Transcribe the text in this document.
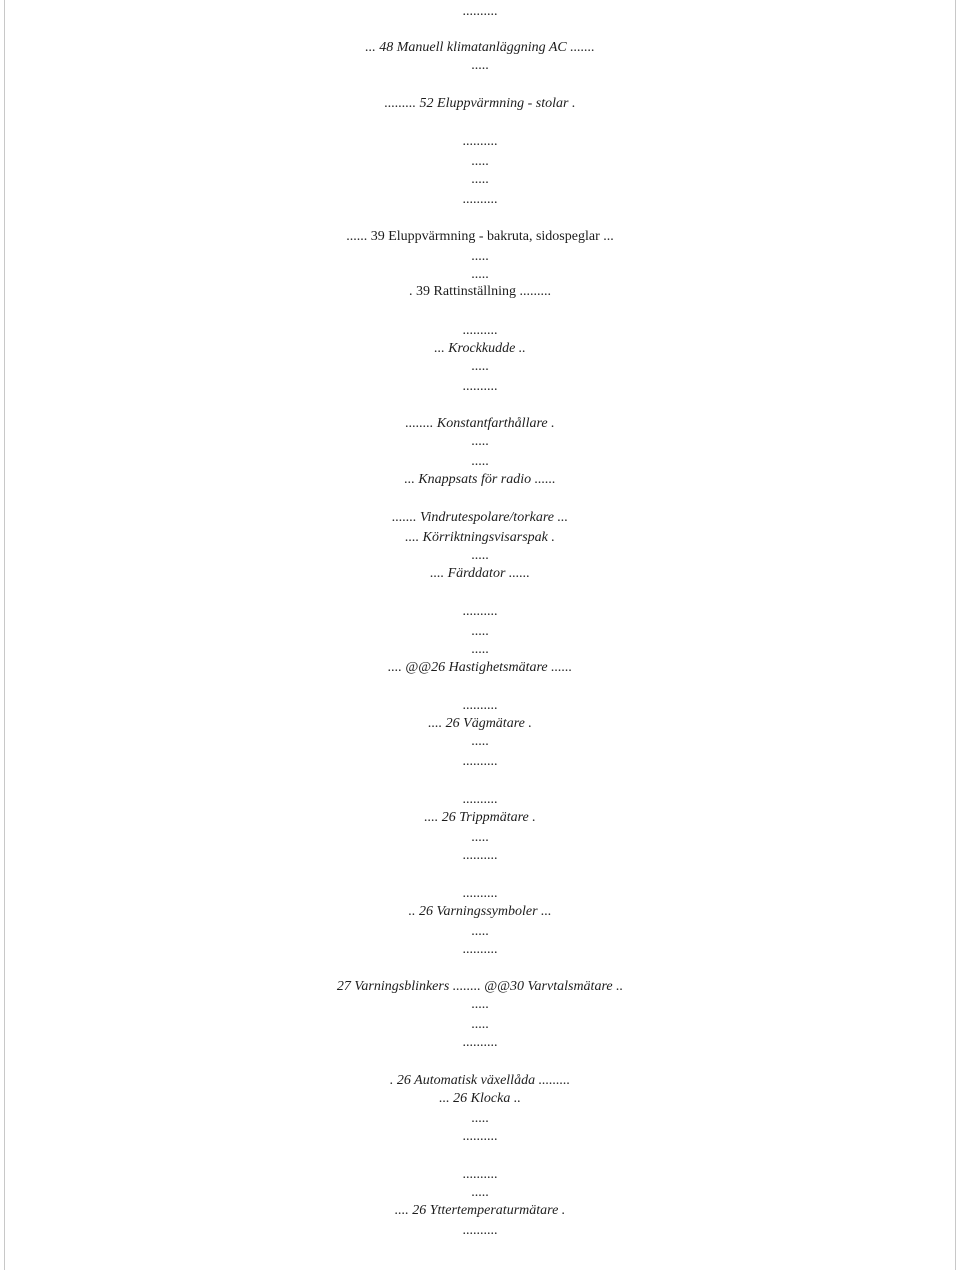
..........
... 48 Manuell klimatanläggning AC .......
.....
......... 52 Eluppvärmning - stolar .
..........
.....
.....
..........
...... 39 Eluppvärmning - bakruta, sidospeglar ...
.....
.....
. 39 Rattinställning .........
..........
... Krockkudde ..
.....
..........
........ Konstantfarthållare .
.....
.....
... Knappsats för radio ......
....... Vindrutespolare/torkare ...
.... Körriktningsvisarspak .
.....
.... Färddator ......
..........
.....
.....
.... @@26 Hastighetsmätare ......
..........
.... 26 Vägmätare .
.....
..........
..........
.... 26 Trippmätare .
.....
..........
..........
.. 26 Varningssymboler ...
.....
..........
27 Varningsblinkers ........ @@30 Varvtalsmätare ..
.....
.....
..........
. 26 Automatisk växellåda .........
... 26 Klocka ..
.....
..........
..........
.....
.... 26 Yttertemperaturmätare .
..........
